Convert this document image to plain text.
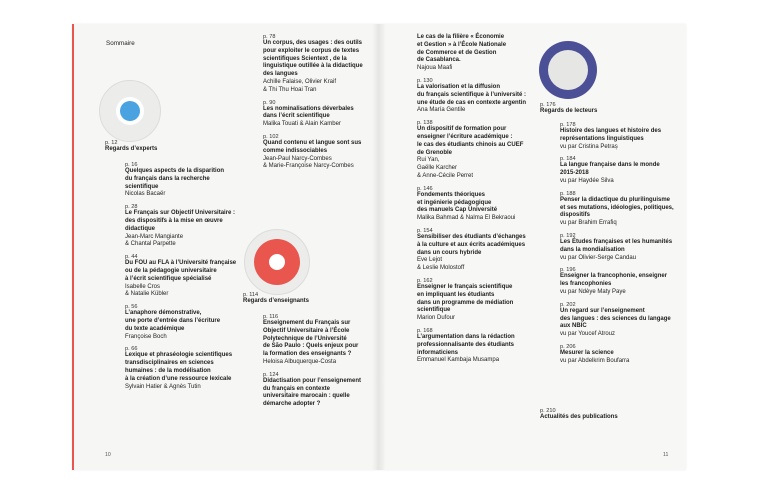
Sommaire
p. 12
Regards d’experts
p. 16
Quelques aspects de la disparition
du français dans la recherche
scientifique
Nicolas Bacaër
p. 28
Le Français sur Objectif Universitaire :
des dispositifs à la mise en œuvre
didactique
Jean-Marc Mangiante
& Chantal Parpette
p. 44
Du FOU au FLA à l’Université française
ou de la pédagogie universitaire
à l’écrit scientifique spécialisé
Isabelle Cros
& Natalie Kübler
p. 56
L’anaphore démonstrative,
une porte d’entrée dans l’écriture
du texte académique
Françoise Boch
p. 66
Lexique et phraséologie scientifiques
transdisciplinaires en sciences
humaines : de la modélisation
à la création d’une ressource lexicale
Sylvain Hatier & Agnès Tutin
p. 78
Un corpus, des usages : des outils
pour exploiter le corpus de textes
scientifiques Scientext , de la
linguistique outillée à la didactique
des langues
Achille Falaise, Olivier Kraif
& Thi Thu Hoai Tran
p. 90
Les nominalisations déverbales
dans l’écrit scientifique
Malika Touati & Alain Kamber
p. 102
Quand contenu et langue sont sus
comme indissociables
Jean-Paul Narcy-Combes
& Marie-Françoise Narcy-Combes
p. 114
Regards d’enseignants
p. 116
Enseignement du Français sur
Objectif Universitaire à l’École
Polytechnique de l’Université
de São Paulo : Quels enjeux pour
la formation des enseignants ?
Heloisa Albuquerque-Costa
p. 124
Didactisation pour l’enseignement
du français en contexte
universitaire marocain : quelle
démarche adopter ?
10
Le cas de la filière « Économie
et Gestion » à l’École Nationale
de Commerce et de Gestion
de Casablanca.
Najoua Maafi
p. 130
La valorisation et la diffusion
du français scientifique à l’université :
une étude de cas en contexte argentin
Ana María Gentile
p. 138
Un dispositif de formation pour
enseigner l’écriture académique :
le cas des étudiants chinois au CUEF
de Grenoble
Rui Yan,
Gaëlle Karcher
& Anne-Cécile Perret
p. 146
Fondements théoriques
et ingénierie pédagogique
des manuels Cap Université
Malika Bahmad & Nalma El Bekraoui
p. 154
Sensibiliser des étudiants d’échanges
à la culture et aux écrits académiques
dans un cours hybride
Eve Lejot
& Leslie Molostoff
p. 162
Enseigner le français scientifique
en impliquant les étudiants
dans un programme de médiation
scientifique
Marion Dufour
p. 168
L’argumentation dans la rédaction
professionnalisante des étudiants
informaticiens
Emmanuel Kambaja Musampa
p. 176
Regards de lecteurs
p. 178
Histoire des langues et histoire des
représentations linguistiques
vu par Cristina Petraș
p. 184
La langue française dans le monde
2015-2018
vu par Haydée Silva
p. 188
Penser la didactique du plurilinguisme
et ses mutations, idéologies, politiques,
dispositifs
vu par Brahim Errafiq
p. 192
Les Études françaises et les humanités
dans la mondialisation
vu par Olivier-Serge Candau
p. 196
Enseigner la francophonie, enseigner
les francophonies
vu par Ndèye Maty Paye
p. 202
Un regard sur l’enseignement
des langues : des sciences du langage
aux NBIC
vu par Youcef Atrouz
p. 206
Mesurer la science
vu par Abdelkrim Boufarra
p. 210
Actualités des publications
11
